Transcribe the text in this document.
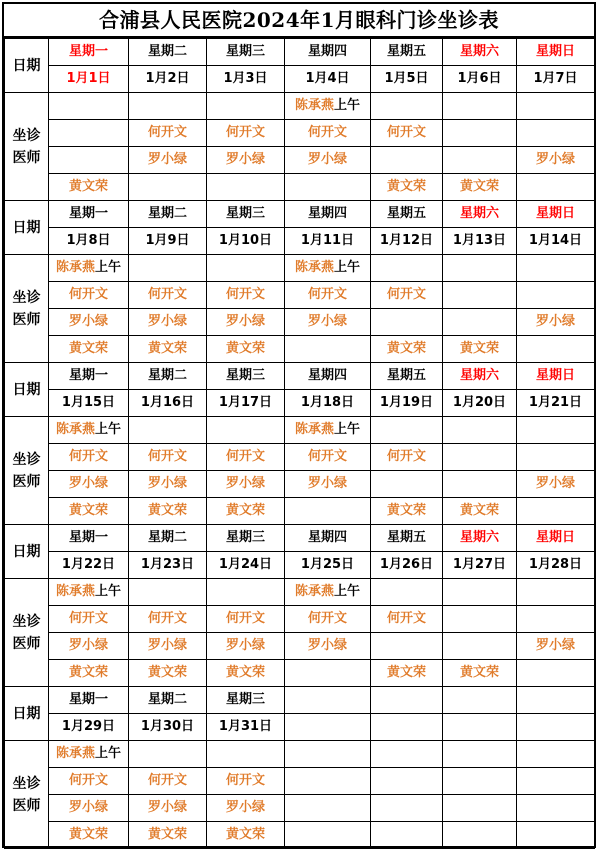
合浦县人民医院2024年1月眼科门诊坐诊表
日期	星期一	星期二	星期三	星期四	星期五	星期六	星期日
	1月1日	1月2日	1月3日	1月4日	1月5日	1月6日	1月7日
坐诊
医师				陈承燕上午			
		何开文	何开文	何开文	何开文		
		罗小绿	罗小绿	罗小绿			罗小绿
	黄文荣				黄文荣	黄文荣	
日期	星期一	星期二	星期三	星期四	星期五	星期六	星期日
	1月8日	1月9日	1月10日	1月11日	1月12日	1月13日	1月14日
坐诊
医师	陈承燕上午			陈承燕上午			
	何开文	何开文	何开文	何开文	何开文		
	罗小绿	罗小绿	罗小绿	罗小绿			罗小绿
	黄文荣	黄文荣	黄文荣		黄文荣	黄文荣	
日期	星期一	星期二	星期三	星期四	星期五	星期六	星期日
	1月15日	1月16日	1月17日	1月18日	1月19日	1月20日	1月21日
坐诊
医师	陈承燕上午			陈承燕上午			
	何开文	何开文	何开文	何开文	何开文		
	罗小绿	罗小绿	罗小绿	罗小绿			罗小绿
	黄文荣	黄文荣	黄文荣		黄文荣	黄文荣	
日期	星期一	星期二	星期三	星期四	星期五	星期六	星期日
	1月22日	1月23日	1月24日	1月25日	1月26日	1月27日	1月28日
坐诊
医师	陈承燕上午			陈承燕上午			
	何开文	何开文	何开文	何开文	何开文		
	罗小绿	罗小绿	罗小绿	罗小绿			罗小绿
	黄文荣	黄文荣	黄文荣		黄文荣	黄文荣	
日期	星期一	星期二	星期三				
	1月29日	1月30日	1月31日				
坐诊
医师	陈承燕上午						
	何开文	何开文	何开文				
	罗小绿	罗小绿	罗小绿				
	黄文荣	黄文荣	黄文荣				
